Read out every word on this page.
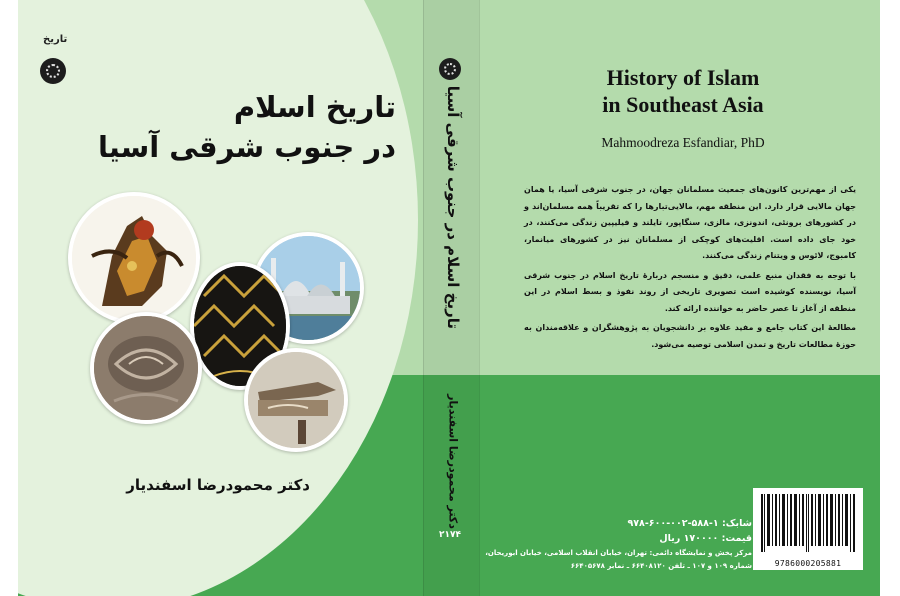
تاریخ
تاریخ اسلام
در جنوب شرقی آسیا
دکتر محمودرضا اسفندیار
تاریخ اسلام در جنوب شرقی آسیا
دکتر محمودرضا اسفندیار
۲۱۷۴
History of Islam
in Southeast Asia
Mahmoodreza Esfandiar, PhD

یکی از مهم‌ترین کانون‌های جمعیت مسلمانان جهان، در جنوب شرقی آسیا، یا همان جهان مالایی قرار دارد. این منطقه مهم، مالایی‌تبارها را که تقریباً همه مسلمان‌اند و در کشورهای برونئی، اندونزی، مالزی، سنگاپور، تایلند و فیلیپین زندگی می‌کنند، در خود جای داده است. اقلیت‌های کوچکی از مسلمانان نیز در کشورهای میانمار، کامبوج، لائوس و ویتنام زندگی می‌کنند.

با توجه به فقدان منبع علمی، دقیق و منسجم دربارهٔ تاریخ اسلام در جنوب شرقی آسیا، نویسنده کوشیده است تصویری تاریخی از روند نفوذ و بسط اسلام در این منطقه از آغاز تا عصر حاضر به خواننده ارائه کند.

مطالعهٔ این کتاب جامع و مفید علاوه بر دانشجویان به پژوهشگران و علاقه‌مندان به حوزهٔ مطالعات تاریخ و تمدن اسلامی توصیه می‌شود.

شابک: ۱-۵۸۸-۰۰۲-۶۰۰-۹۷۸
قیمت: ۱۷۰۰۰۰ ریال
مرکز پخش و نمایشگاه دائمی: تهران، خیابان انقلاب اسلامی، خیابان ابوریحان،
شماره ۱۰۹ و ۱۰۷ ـ تلفن ۶۶۴۰۸۱۲۰ ـ نمابر ۶۶۴۰۵۶۷۸	9786000205881
